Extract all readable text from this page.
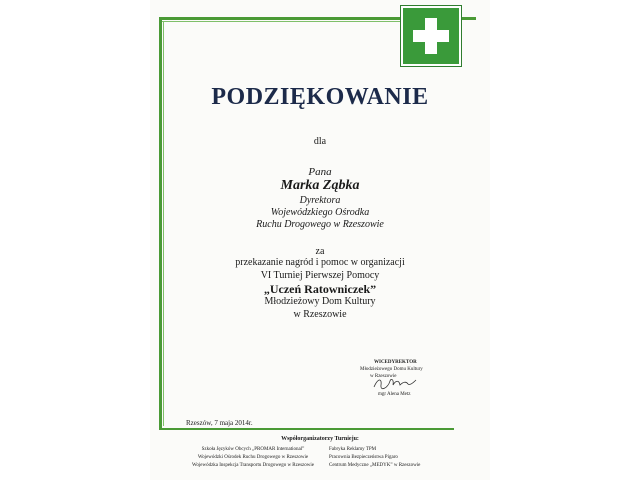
PODZIĘKOWANIE
dla
Pana
Marka Ząbka
Dyrektora
Wojewódzkiego Ośrodka
Ruchu Drogowego w Rzeszowie
za
przekazanie nagród i pomoc w organizacji
VI Turniej Pierwszej Pomocy
„Uczeń Ratowniczek”
Młodzieżowy Dom Kultury
w Rzeszowie
WICEDYREKTOR
Młodzieżowego Domu Kultury
w Rzeszowie
mgr Alena Metz
Rzeszów, 7 maja 2014r.
Współorganizatorzy Turnieju:
Szkoła Języków Obcych „PROMAR International”
Wojewódzki Ośrodek Ruchu Drogowego w Rzeszowie
Wojewódzka Inspekcja Transportu Drogowego w Rzeszowie
Fabryka Reklamy TPM
Pracownia Bezpieczeństwa Pigaro
Centrum Medyczne „MEDYK” w Rzeszowie
